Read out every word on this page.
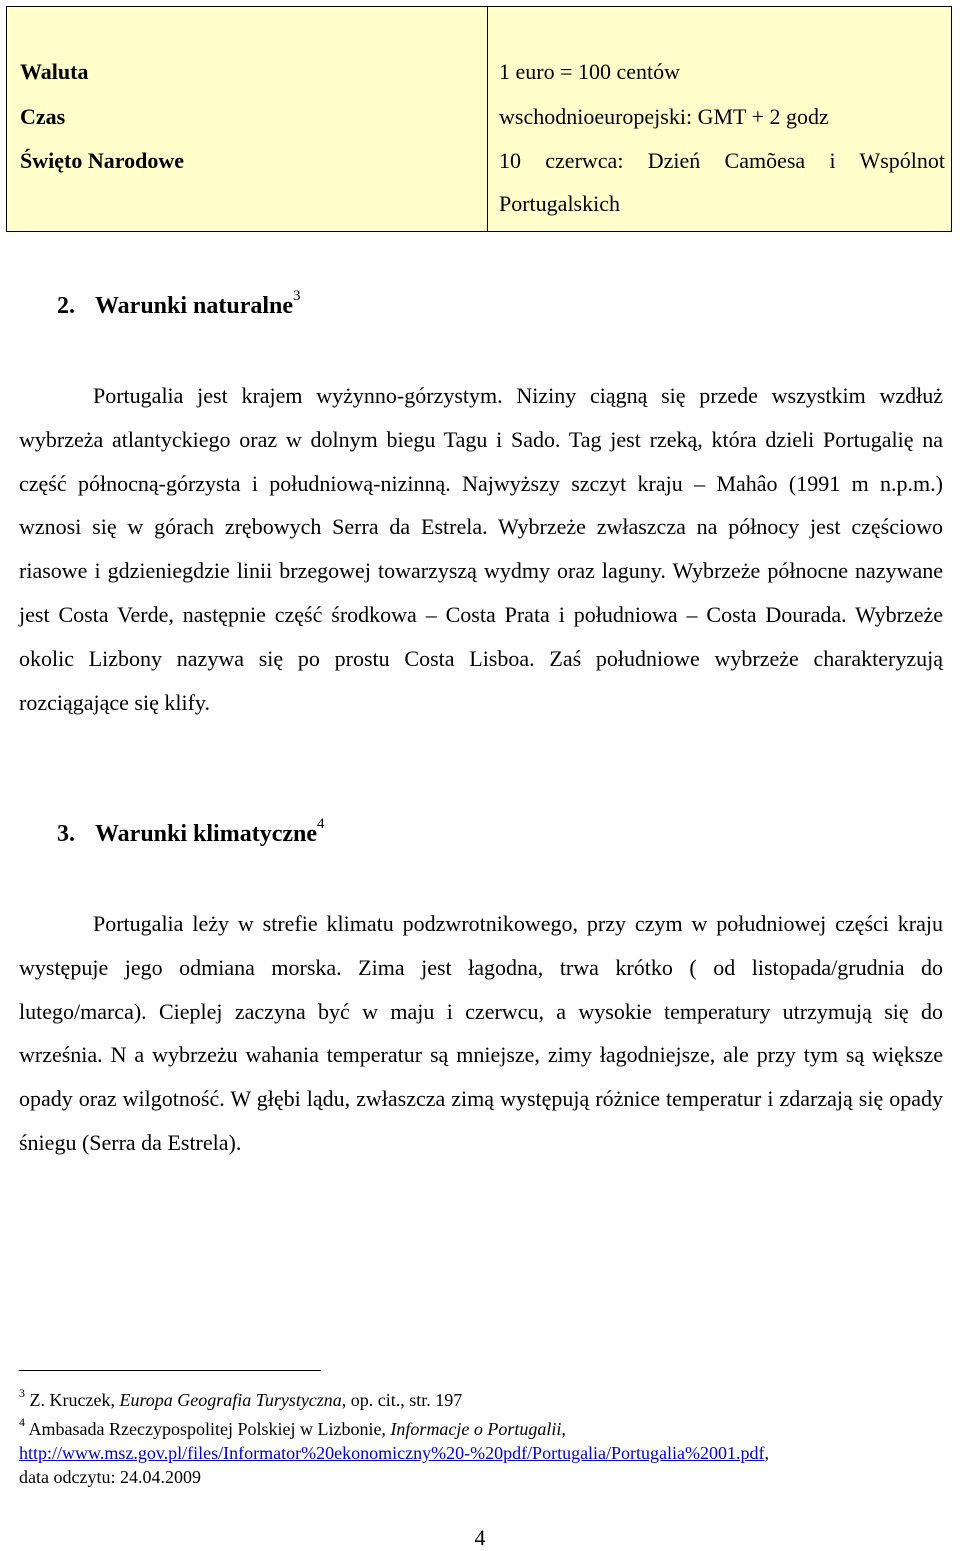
Waluta	1 euro = 100 centów
Czas	wschodnioeuropejski: GMT + 2 godz
Święto Narodowe	10 czerwca: Dzień Camõesa i Wspólnot
Portugalskich
2. Warunki naturalne$^3$
Portugalia jest krajem wyżynno-górzystym. Niziny ciągną się przede wszystkim wzdłuż wybrzeża atlantyckiego oraz w dolnym biegu Tagu i Sado. Tag jest rzeką, która dzieli Portugalię na część północną-górzysta i południową-nizinną. Najwyższy szczyt kraju – Mahâo (1991 m n.p.m.) wznosi się w górach zrębowych Serra da Estrela. Wybrzeże zwłaszcza na północy jest częściowo riasowe i gdzieniegdzie linii brzegowej towarzyszą wydmy oraz laguny. Wybrzeże północne nazywane jest Costa Verde, następnie część środkowa – Costa Prata i południowa – Costa Dourada. Wybrzeże okolic Lizbony nazywa się po prostu Costa Lisboa. Zaś południowe wybrzeże charakteryzują rozciągające się klify.
3. Warunki klimatyczne$^4$
Portugalia leży w strefie klimatu podzwrotnikowego, przy czym w południowej części kraju występuje jego odmiana morska. Zima jest łagodna, trwa krótko ( od listopada/grudnia do lutego/marca). Cieplej zaczyna być w maju i czerwcu, a wysokie temperatury utrzymują się do września. N a wybrzeżu wahania temperatur są mniejsze, zimy łagodniejsze, ale przy tym są większe opady oraz wilgotność. W głębi lądu, zwłaszcza zimą występują różnice temperatur i zdarzają się opady śniegu (Serra da Estrela).
$^3$ Z. Kruczek, Europa Geografia Turystyczna, op. cit., str. 197
$^4$ Ambasada Rzeczypospolitej Polskiej w Lizbonie, Informacje o Portugalii,
http://www.msz.gov.pl/files/Informator%20ekonomiczny%20-%20pdf/Portugalia/Portugalia%2001.pdf,
data odczytu: 24.04.2009
4
